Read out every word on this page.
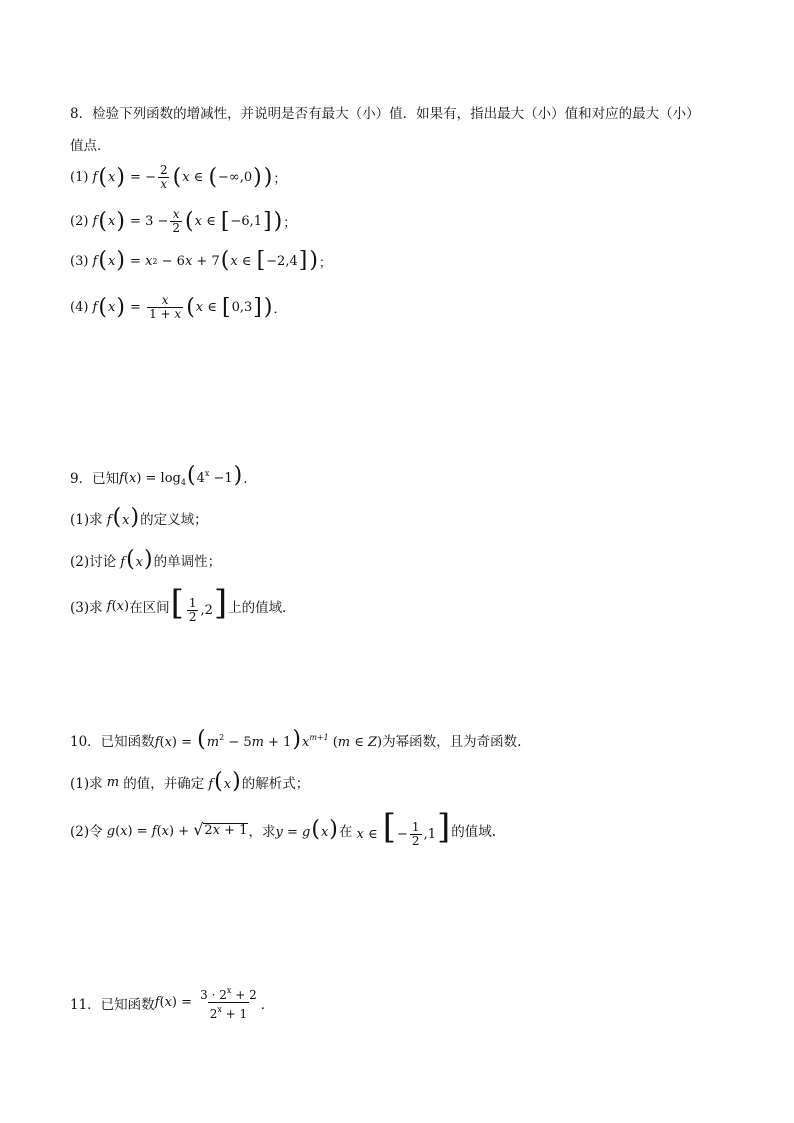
8．检验下列函数的增减性，并说明是否有最大（小）值．如果有，指出最大（小）值和对应的最大（小）
值点．
(1) f ( x ) = − $\frac{2}{x}$ ( x ∈ ( −∞,0 ) ) ；
(2) f ( x ) = $3 - \frac{x}{2}$ ( x ∈ [ −6,1 ] ) ；
(3) f ( x ) = x 2 − 6 x + 7 ( x ∈ [ −2,4 ] ) ；
(4) f ( x ) = $\frac{x}{1 + x}$ ( x ∈ [ 0,3 ] ) ．
9．已知 $f(x) = \log_4(4^x -1)$ ．
(1)求 f(x) 的定义域；
(2)讨论 f(x) 的单调性；
(3)求 f(x) 在区间 [ $\frac{1}{2} ,2$] 上的值域．
10．已知函数 $f(x) = (m^2 - 5m + 1)x^{m+1}$ (m ∈ Z) 为幂函数，且为奇函数.
(1)求 m 的值，并确定 f(x) 的解析式；
(2)令 g(x) = f(x) + √ 2x + 1 ，求 y = g(x) 在 x ∈ [− $\frac{1}{2} ,1$] 的值域.
11．已知函数 $f(x) = \frac{3 \cdot 2^x + 2}{2^x + 1}$ ．
